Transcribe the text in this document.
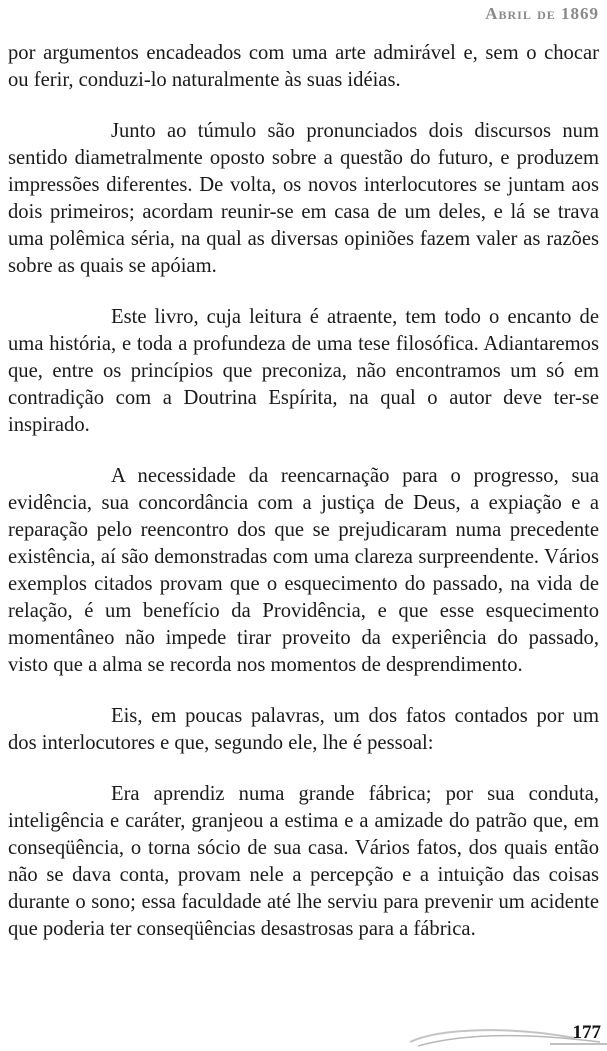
Abril de 1869

por argumentos encadeados com uma arte admirável e, sem o chocar ou ferir, conduzi-lo naturalmente às suas idéias.

Junto ao túmulo são pronunciados dois discursos num sentido diametralmente oposto sobre a questão do futuro, e produzem impressões diferentes. De volta, os novos interlocutores se juntam aos dois primeiros; acordam reunir-se em casa de um deles, e lá se trava uma polêmica séria, na qual as diversas opiniões fazem valer as razões sobre as quais se apóiam.

Este livro, cuja leitura é atraente, tem todo o encanto de uma história, e toda a profundeza de uma tese filosófica. Adiantaremos que, entre os princípios que preconiza, não encontramos um só em contradição com a Doutrina Espírita, na qual o autor deve ter-se inspirado.

A necessidade da reencarnação para o progresso, sua evidência, sua concordância com a justiça de Deus, a expiação e a reparação pelo reencontro dos que se prejudicaram numa precedente existência, aí são demonstradas com uma clareza surpreendente. Vários exemplos citados provam que o esquecimento do passado, na vida de relação, é um benefício da Providência, e que esse esquecimento momentâneo não impede tirar proveito da experiência do passado, visto que a alma se recorda nos momentos de desprendimento.

Eis, em poucas palavras, um dos fatos contados por um dos interlocutores e que, segundo ele, lhe é pessoal:

Era aprendiz numa grande fábrica; por sua conduta, inteligência e caráter, granjeou a estima e a amizade do patrão que, em conseqüência, o torna sócio de sua casa. Vários fatos, dos quais então não se dava conta, provam nele a percepção e a intuição das coisas durante o sono; essa faculdade até lhe serviu para prevenir um acidente que poderia ter conseqüências desastrosas para a fábrica.

177
